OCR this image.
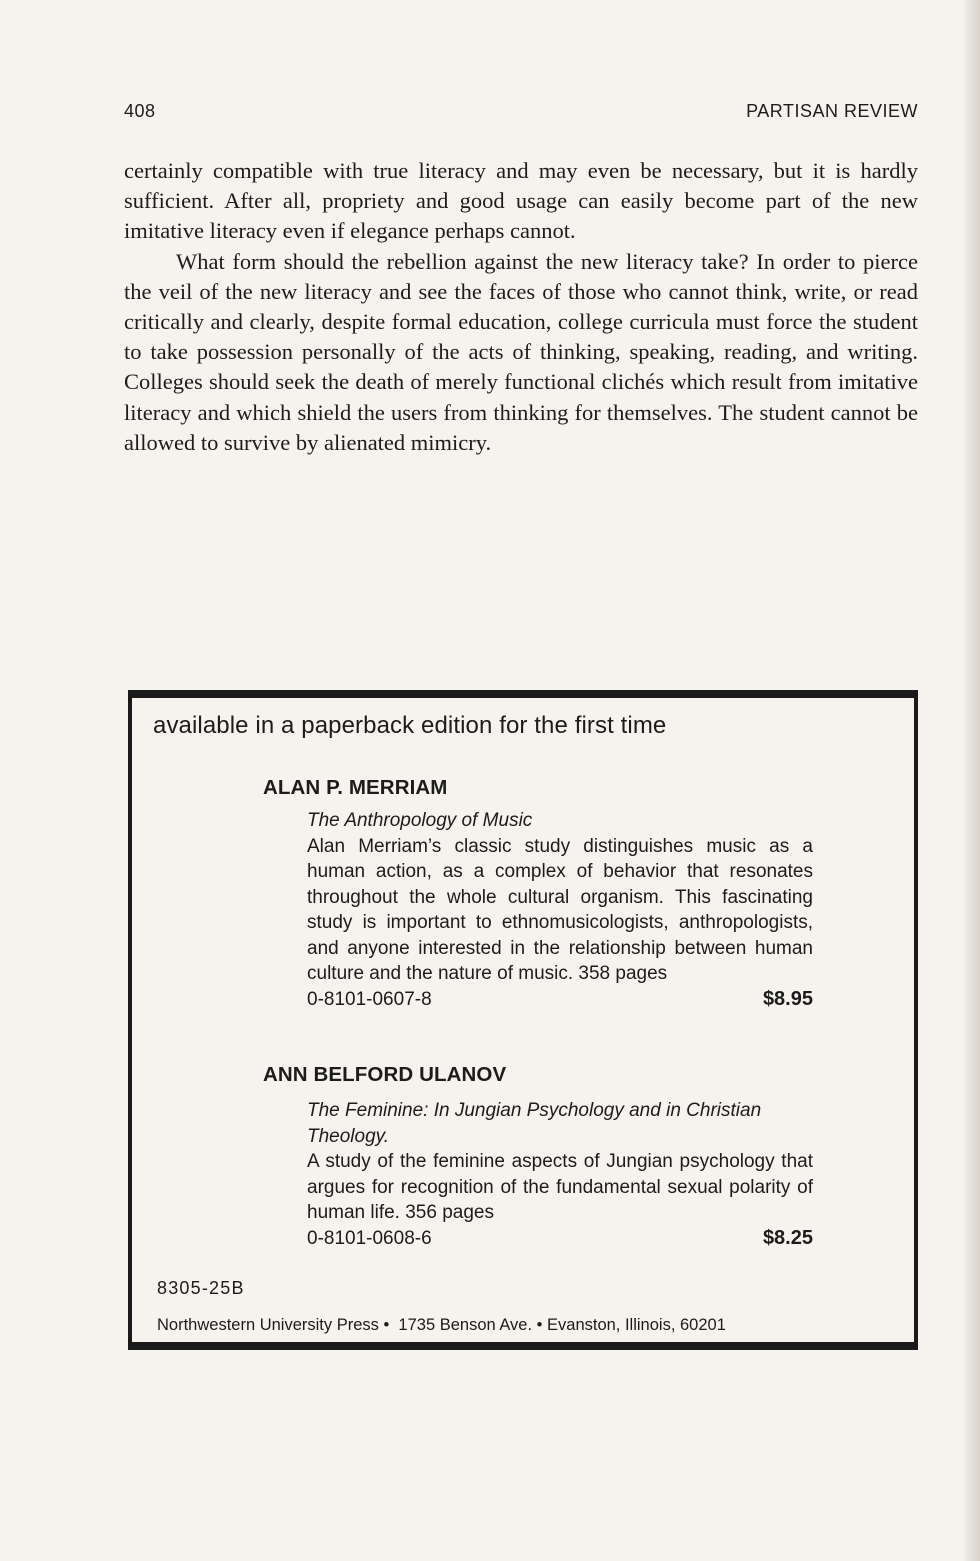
408	PARTISAN REVIEW

certainly compatible with true literacy and may even be necessary, but it is hardly sufficient. After all, propriety and good usage can easily become part of the new imitative literacy even if elegance perhaps cannot.

What form should the rebellion against the new literacy take? In order to pierce the veil of the new literacy and see the faces of those who cannot think, write, or read critically and clearly, despite formal education, college curricula must force the student to take possession personally of the acts of thinking, speaking, reading, and writing. Colleges should seek the death of merely functional clichés which result from imitative literacy and which shield the users from thinking for themselves. The student cannot be allowed to survive by alienated mimicry.

available in a paperback edition for the first time
ALAN P. MERRIAM
The Anthropology of Music
Alan Merriam’s classic study distinguishes music as a human action, as a complex of behavior that resonates throughout the whole cultural organism. This fascinating study is important to ethnomusicologists, anthropologists, and anyone interested in the relationship between human culture and the nature of music. 358 pages
0-8101-0607-8	$8.95
ANN BELFORD ULANOV
The Feminine: In Jungian Psychology and in Christian Theology.
A study of the feminine aspects of Jungian psychology that argues for recognition of the fundamental sexual polarity of human life. 356 pages
0-8101-0608-6	$8.25
8305-25B
Northwestern University Press •  1735 Benson Ave. • Evanston, Illinois, 60201
